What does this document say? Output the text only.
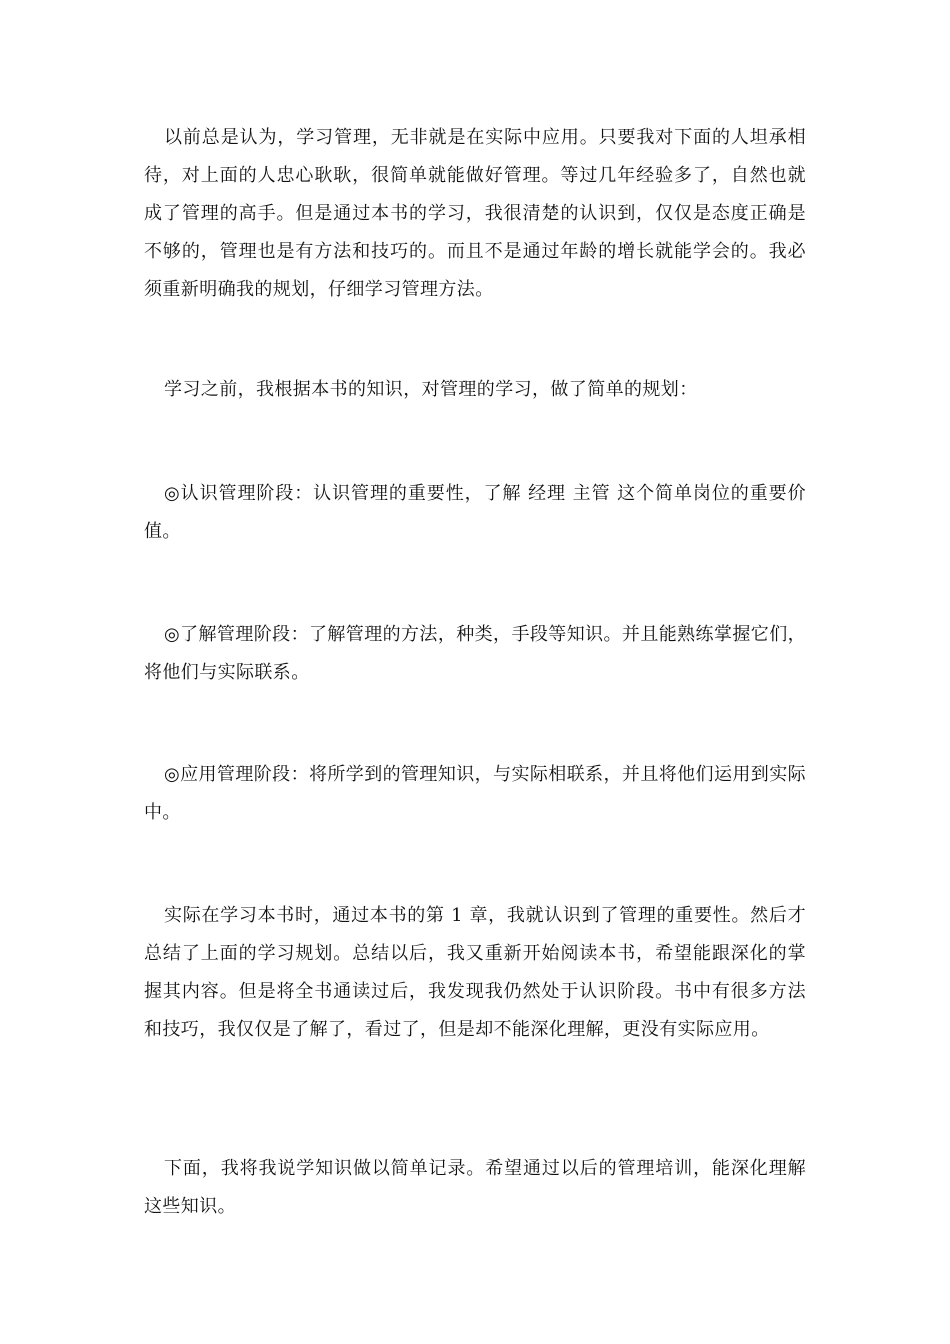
以前总是认为，学习管理，无非就是在实际中应用。只要我对下面的人坦承相待，对上面的人忠心耿耿，很简单就能做好管理。等过几年经验多了，自然也就成了管理的高手。但是通过本书的学习，我很清楚的认识到，仅仅是态度正确是不够的，管理也是有方法和技巧的。而且不是通过年龄的增长就能学会的。我必须重新明确我的规划，仔细学习管理方法。

学习之前，我根据本书的知识，对管理的学习，做了简单的规划：

◎认识管理阶段：认识管理的重要性，了解 经理 主管 这个简单岗位的重要价值。

◎了解管理阶段：了解管理的方法，种类，手段等知识。并且能熟练掌握它们，将他们与实际联系。

◎应用管理阶段：将所学到的管理知识，与实际相联系，并且将他们运用到实际中。

实际在学习本书时，通过本书的第 1 章，我就认识到了管理的重要性。然后才总结了上面的学习规划。总结以后，我又重新开始阅读本书，希望能跟深化的掌握其内容。但是将全书通读过后，我发现我仍然处于认识阶段。书中有很多方法和技巧，我仅仅是了解了，看过了，但是却不能深化理解，更没有实际应用。

下面，我将我说学知识做以简单记录。希望通过以后的管理培训，能深化理解这些知识。
